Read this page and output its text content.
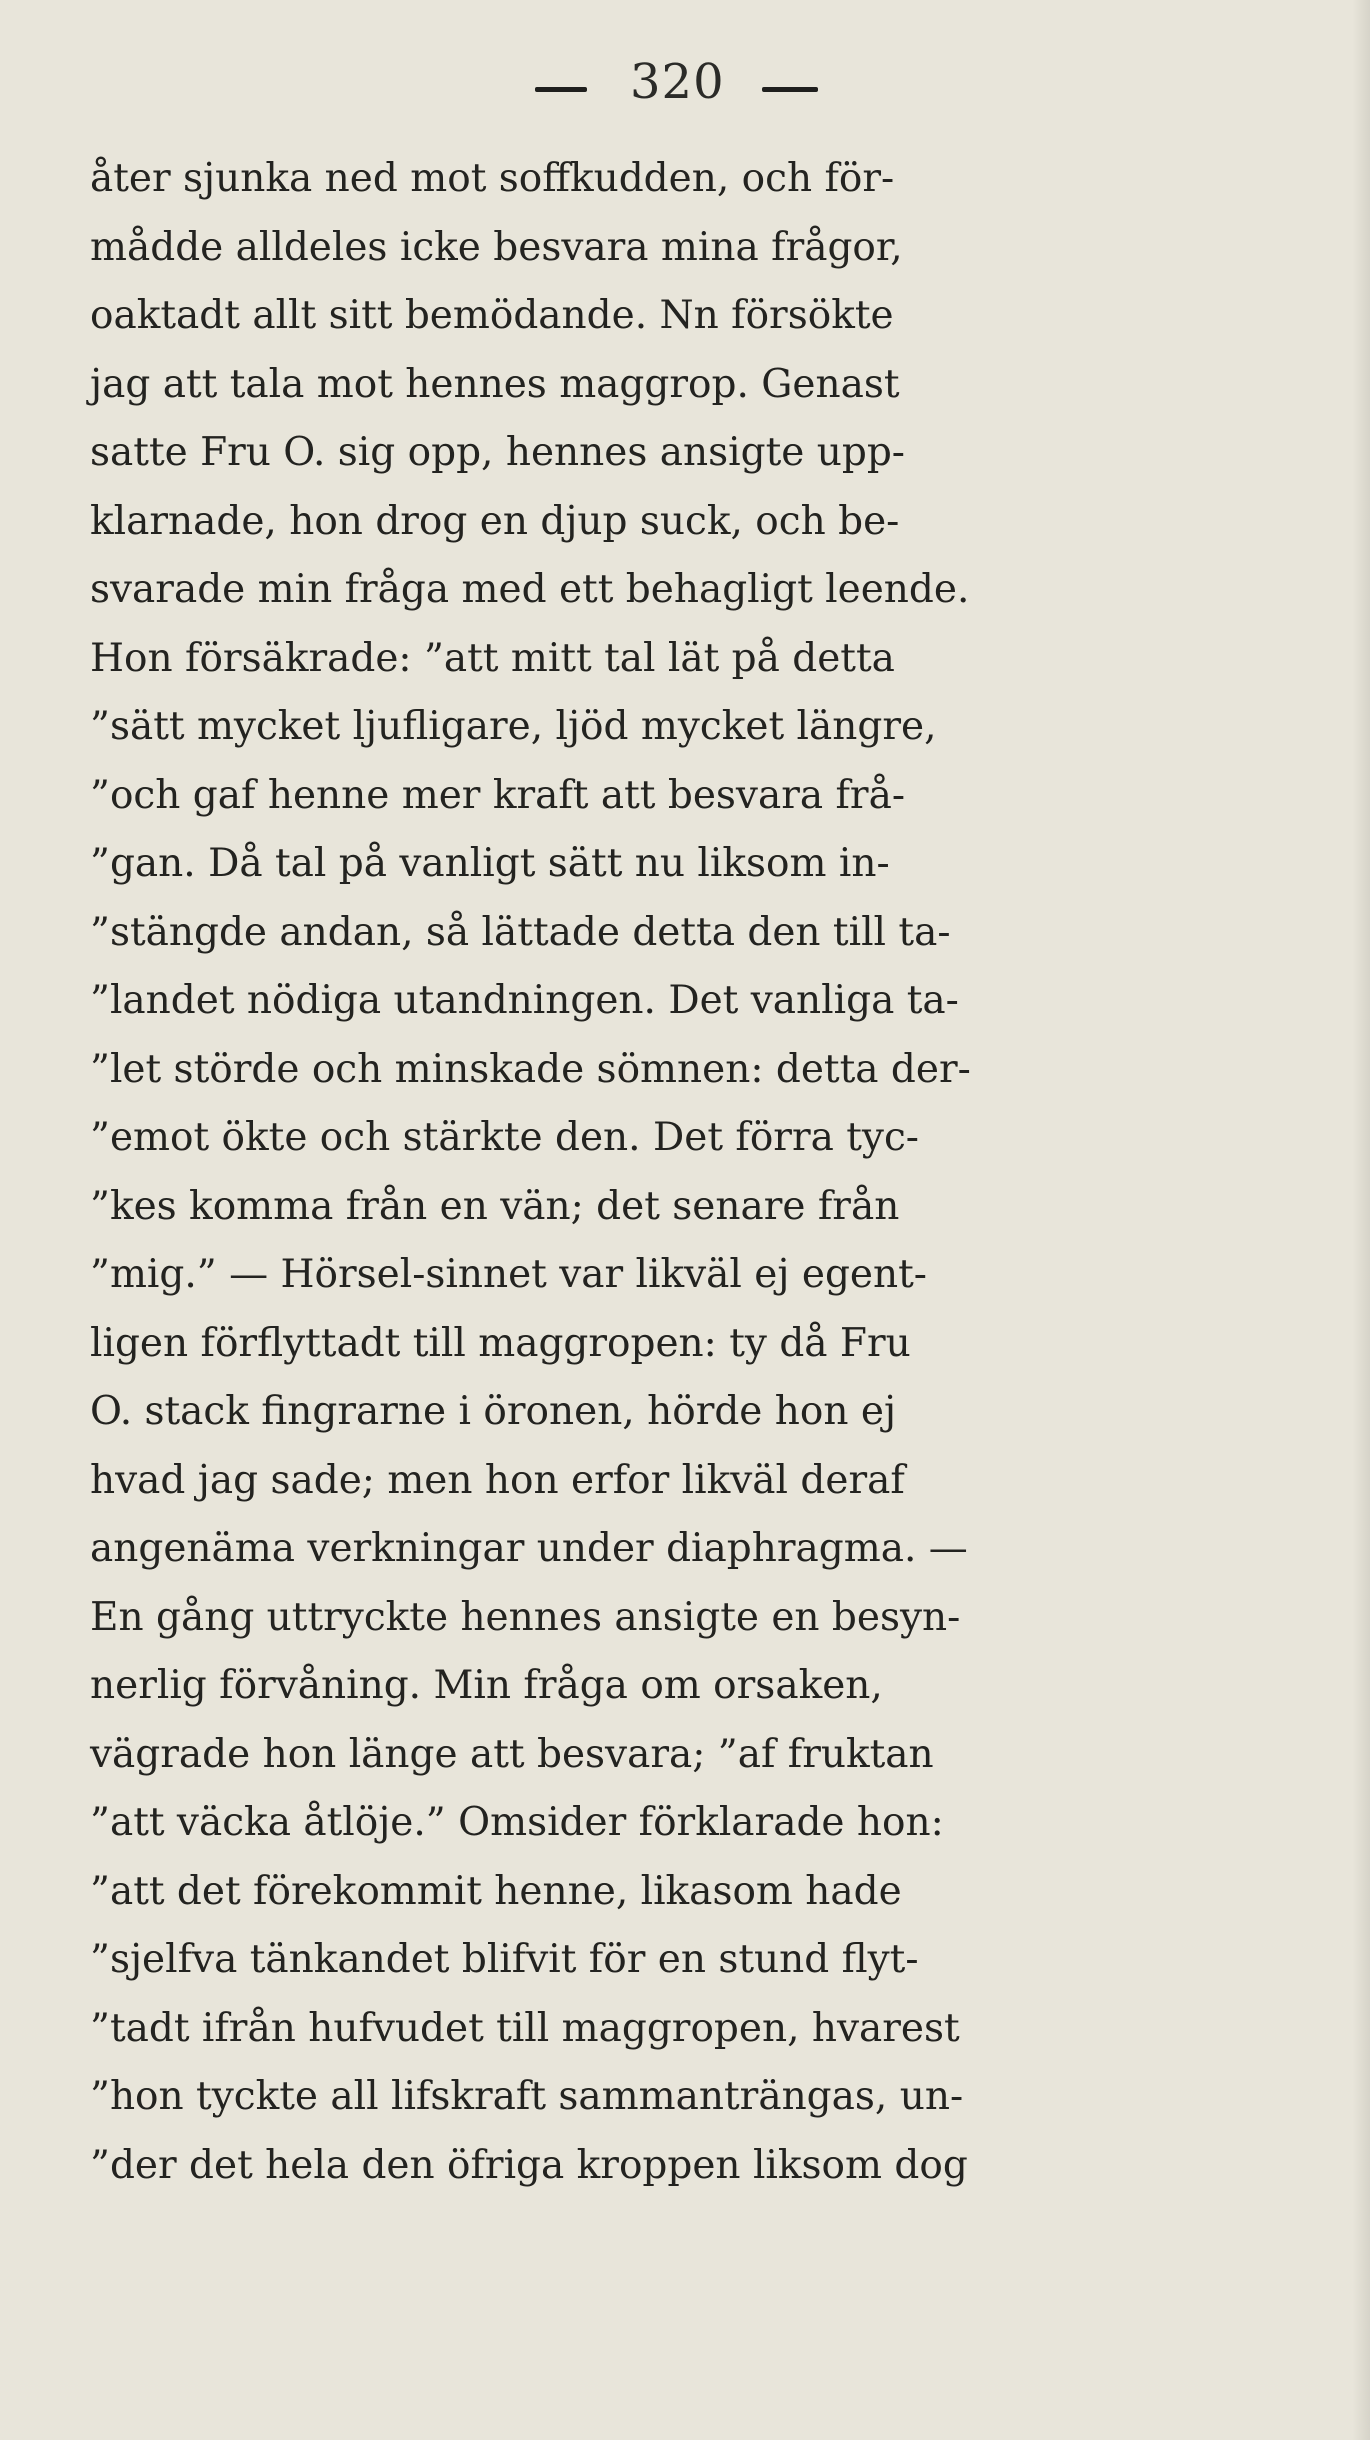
320
åter sjunka ned mot soffkudden, och för-
mådde alldeles icke besvara mina frågor,
oaktadt allt sitt bemödande. Nn försökte
jag att tala mot hennes maggrop. Genast
satte Fru O. sig opp, hennes ansigte upp-
klarnade, hon drog en djup suck, och be-
svarade min fråga med ett behagligt leende.
Hon försäkrade: ”att mitt tal lät på detta
”sätt mycket ljufligare, ljöd mycket längre,
”och gaf henne mer kraft att besvara frå-
”gan. Då tal på vanligt sätt nu liksom in-
”stängde andan, så lättade detta den till ta-
”landet nödiga utandningen. Det vanliga ta-
”let störde och minskade sömnen: detta der-
”emot ökte och stärkte den. Det förra tyc-
”kes komma från en vän; det senare från
”mig.” — Hörsel-sinnet var likväl ej egent-
ligen förflyttadt till maggropen: ty då Fru
O. stack fingrarne i öronen, hörde hon ej
hvad jag sade; men hon erfor likväl deraf
angenäma verkningar under diaphragma. —
En gång uttryckte hennes ansigte en besyn-
nerlig förvåning. Min fråga om orsaken,
vägrade hon länge att besvara; ”af fruktan
”att väcka åtlöje.” Omsider förklarade hon:
”att det förekommit henne, likasom hade
”sjelfva tänkandet blifvit för en stund flyt-
”tadt ifrån hufvudet till maggropen, hvarest
”hon tyckte all lifskraft sammanträngas, un-
”der det hela den öfriga kroppen liksom dog
